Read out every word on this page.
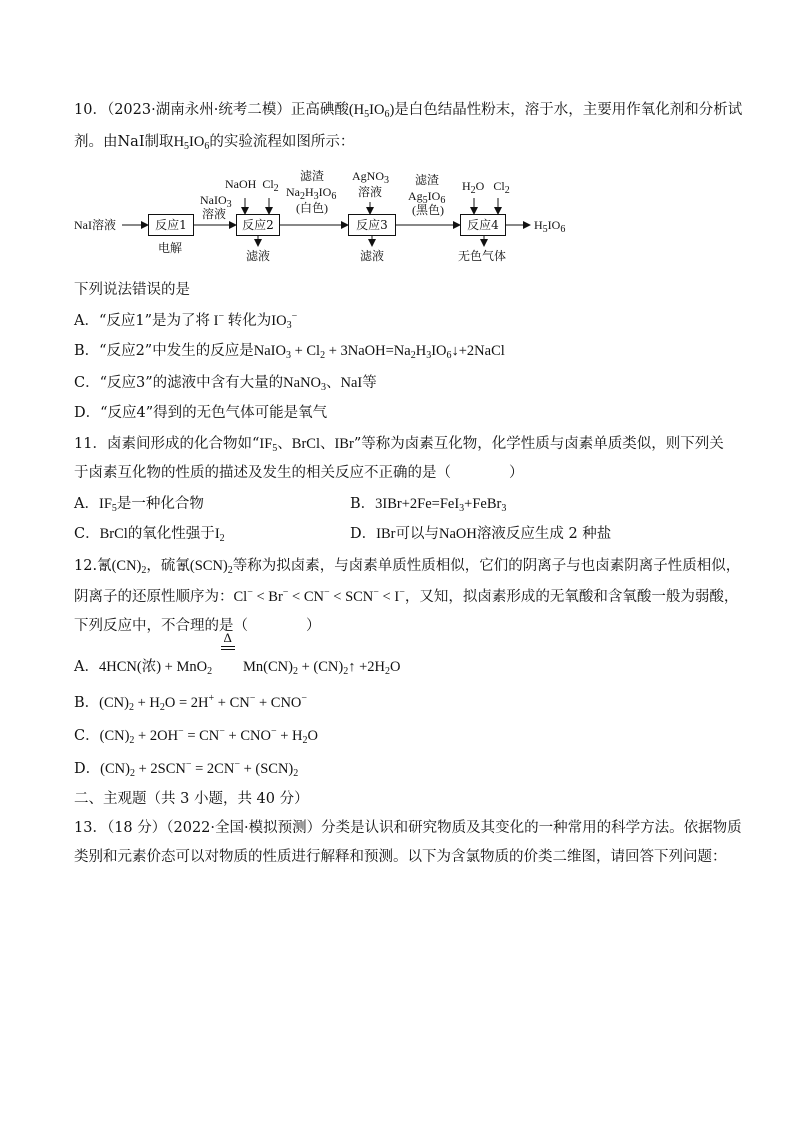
10．（2023·湖南永州·统考二模）正高碘酸$(H_5IO_6)$是白色结晶性粉末，溶于水，主要用作氧化剂和分析试
剂。由NaI制取$H_5IO_6$的实验流程如图所示：
NaI溶液	反应1
电解
NaIO$_3$
溶液
NaOH  $Cl_2$
反应2
滤液
滤渣
$Na_2H_3IO_6$
(白色)
AgNO$_3$
溶液
反应3
滤液
滤渣
$Ag_5IO_6$
(黑色)
$H_2O$   $Cl_2$
反应4
无色气体
$H_5IO_6$
下列说法错误的是
A．“反应1”是为了将 I− 转化为$IO_3^-$
B．“反应2”中发生的反应是NaIO$_3$ + $Cl_2$ + $3NaOH=Na_2H_3IO_6↓+2NaCl$
C．“反应3”的滤液中含有大量的NaNO$_3$、NaI等
D．“反应4”得到的无色气体可能是氧气
11．卤素间形成的化合物如“$IF_5$、BrCl、IBr”等称为卤素互化物，化学性质与卤素单质类似，则下列关
于卤素互化物的性质的描述及发生的相关反应不正确的是（　　　　）
A．$IF_5$是一种化合物	B．3IBr+2Fe=FeI$_3$+FeBr$_3$
C．BrCl的氧化性强于$I_2$	D．IBr可以与NaOH溶液反应生成 2 种盐
12.氰$(CN)_2$，硫氰$(SCN)_2$等称为拟卤素，与卤素单质性质相似，它们的阴离子与也卤素阴离子性质相似，
阴离子的还原性顺序为：Cl− < Br− < CN− < SCN− < I−，又知，拟卤素形成的无氧酸和含氧酸一般为弱酸，
下列反应中，不合理的是（　　　　）
A．4HCN(浓) + MnO$_2$
Δ
$Mn(CN)_2$ + $(CN)_2↑ +2H_2O$
B．$(CN)_2 + H_2O = 2H^+ + CN^- + CNO^-$
C．$(CN)_2 + 2OH^- = CN^- + CNO^- + H_2O$
D．$(CN)_2 + 2SCN^- = 2CN^- + (SCN)_2$
二、主观题（共 3 小题，共 40 分）
13．（18 分）（2022·全国·模拟预测）分类是认识和研究物质及其变化的一种常用的科学方法。依据物质
类别和元素价态可以对物质的性质进行解释和预测。以下为含氯物质的价类二维图，请回答下列问题：
